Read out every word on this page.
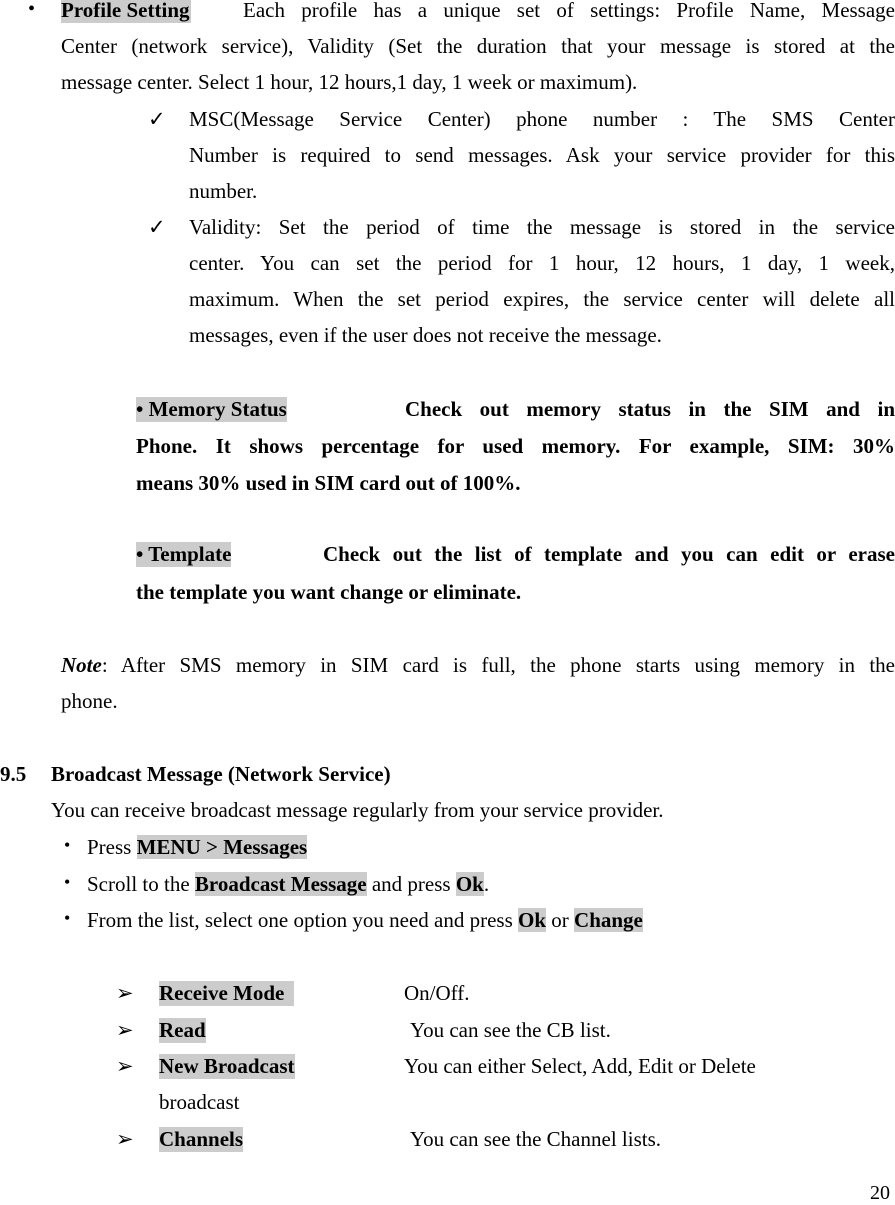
• Profile Setting	Each profile has a unique set of settings: Profile Name, Message
Center (network service), Validity (Set the duration that your message is stored at the
message center. Select 1 hour, 12 hours,1 day, 1 week or maximum).
✓ MSC(Message Service Center) phone number : The SMS Center
Number is required to send messages. Ask your service provider for this
number.
✓ Validity: Set the period of time the message is stored in the service
center. You can set the period for 1 hour, 12 hours, 1 day, 1 week,
maximum. When the set period expires, the service center will delete all
messages, even if the user does not receive the message.
• Memory Status	Check out memory status in the SIM and in
Phone. It shows percentage for used memory. For example, SIM: 30%
means 30% used in SIM card out of 100%.
• Template	Check out the list of template and you can edit or erase
the template you want change or eliminate.
Note: After SMS memory in SIM card is full, the phone starts using memory in the
phone.
9.5 Broadcast Message (Network Service)
You can receive broadcast message regularly from your service provider.
• Press MENU > Messages
• Scroll to the Broadcast Message and press Ok.
• From the list, select one option you need and press Ok or Change
➢ Receive Mode	On/Off.
➢ Read	You can see the CB list.
➢ New Broadcast	You can either Select, Add, Edit or Delete
broadcast
➢ Channels	You can see the Channel lists.
20
